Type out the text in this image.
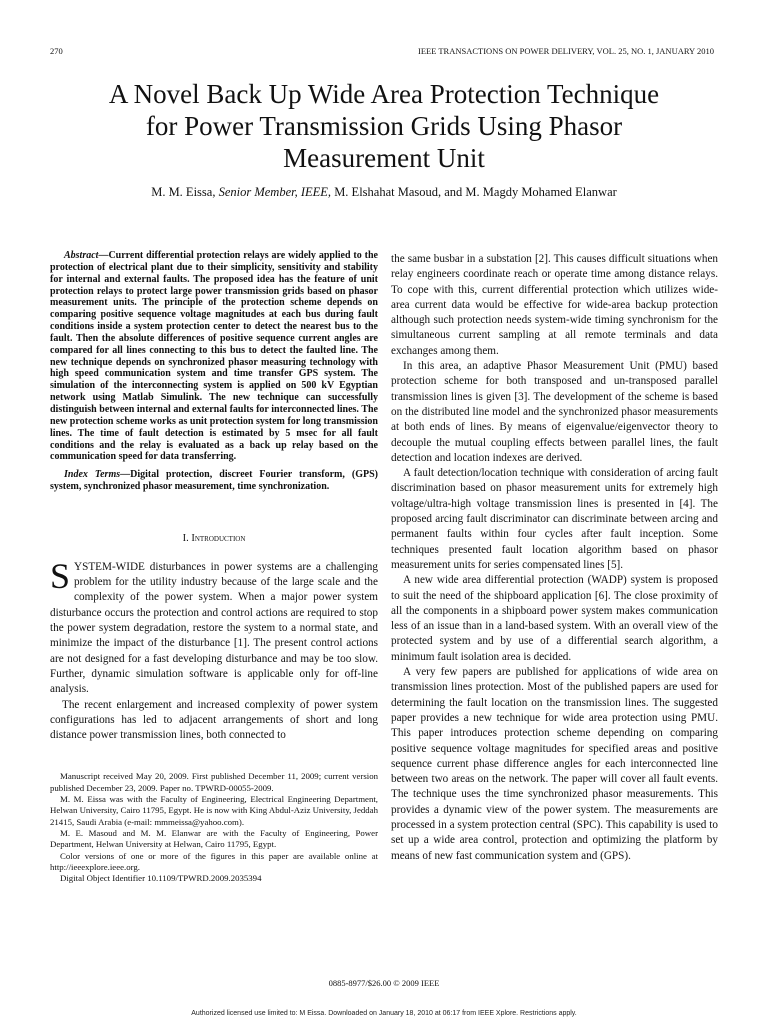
270	IEEE TRANSACTIONS ON POWER DELIVERY, VOL. 25, NO. 1, JANUARY 2010
A Novel Back Up Wide Area Protection Technique
for Power Transmission Grids Using Phasor
Measurement Unit
M. M. Eissa, Senior Member, IEEE, M. Elshahat Masoud, and M. Magdy Mohamed Elanwar

Abstract—Current differential protection relays are widely applied to the protection of electrical plant due to their simplicity, sensitivity and stability for internal and external faults. The proposed idea has the feature of unit protection relays to protect large power transmission grids based on phasor measurement units. The principle of the protection scheme depends on comparing positive sequence voltage magnitudes at each bus during fault conditions inside a system protection center to detect the nearest bus to the fault. Then the absolute differences of positive sequence current angles are compared for all lines connecting to this bus to detect the faulted line. The new technique depends on synchronized phasor measuring technology with high speed communication system and time transfer GPS system. The simulation of the interconnecting system is applied on 500 kV Egyptian network using Matlab Simulink. The new technique can successfully distinguish between internal and external faults for interconnected lines. The new protection scheme works as unit protection system for long transmission lines. The time of fault detection is estimated by 5 msec for all fault conditions and the relay is evaluated as a back up relay based on the communication speed for data transferring.

Index Terms—Digital protection, discreet Fourier transform, (GPS) system, synchronized phasor measurement, time synchronization.

I. Introduction

SYSTEM-WIDE disturbances in power systems are a challenging problem for the utility industry because of the large scale and the complexity of the power system. When a major power system disturbance occurs the protection and control actions are required to stop the power system degradation, restore the system to a normal state, and minimize the impact of the disturbance [1]. The present control actions are not designed for a fast developing disturbance and may be too slow. Further, dynamic simulation software is applicable only for off-line analysis.

The recent enlargement and increased complexity of power system configurations has led to adjacent arrangements of short and long distance power transmission lines, both connected to

Manuscript received May 20, 2009. First published December 11, 2009; current version published December 23, 2009. Paper no. TPWRD-00055-2009.

M. M. Eissa was with the Faculty of Engineering, Electrical Engineering Department, Helwan University, Cairo 11795, Egypt. He is now with King Abdul-Aziz University, Jeddah 21415, Saudi Arabia (e-mail: mmmeissa@yahoo.com).

M. E. Masoud and M. M. Elanwar are with the Faculty of Engineering, Power Department, Helwan University at Helwan, Cairo 11795, Egypt.

Color versions of one or more of the figures in this paper are available online at http://ieeexplore.ieee.org.

Digital Object Identifier 10.1109/TPWRD.2009.2035394

the same busbar in a substation [2]. This causes difficult situations when relay engineers coordinate reach or operate time among distance relays. To cope with this, current differential protection which utilizes wide-area current data would be effective for wide-area backup protection although such protection needs system-wide timing synchronism for the simultaneous current sampling at all remote terminals and data exchanges among them.

In this area, an adaptive Phasor Measurement Unit (PMU) based protection scheme for both transposed and un-transposed parallel transmission lines is given [3]. The development of the scheme is based on the distributed line model and the synchronized phasor measurements at both ends of lines. By means of eigenvalue/eigenvector theory to decouple the mutual coupling effects between parallel lines, the fault detection and location indexes are derived.

A fault detection/location technique with consideration of arcing fault discrimination based on phasor measurement units for extremely high voltage/ultra-high voltage transmission lines is presented in [4]. The proposed arcing fault discriminator can discriminate between arcing and permanent faults within four cycles after fault inception. Some techniques presented fault location algorithm based on phasor measurement units for series compensated lines [5].

A new wide area differential protection (WADP) system is proposed to suit the need of the shipboard application [6]. The close proximity of all the components in a shipboard power system makes communication less of an issue than in a land-based system. With an overall view of the protected system and by use of a differential search algorithm, a minimum fault isolation area is decided.

A very few papers are published for applications of wide area on transmission lines protection. Most of the published papers are used for determining the fault location on the transmission lines. The suggested paper provides a new technique for wide area protection using PMU. This paper introduces protection scheme depending on comparing positive sequence voltage magnitudes for specified areas and positive sequence current phase difference angles for each interconnected line between two areas on the network. The paper will cover all fault events. The technique uses the time synchronized phasor measurements. This provides a dynamic view of the power system. The measurements are processed in a system protection central (SPC). This capability is used to set up a wide area control, protection and optimizing the platform by means of new fast communication system and (GPS).

0885-8977/$26.00 © 2009 IEEE
Authorized licensed use limited to: M Eissa. Downloaded on January 18, 2010 at 06:17 from IEEE Xplore. Restrictions apply.
